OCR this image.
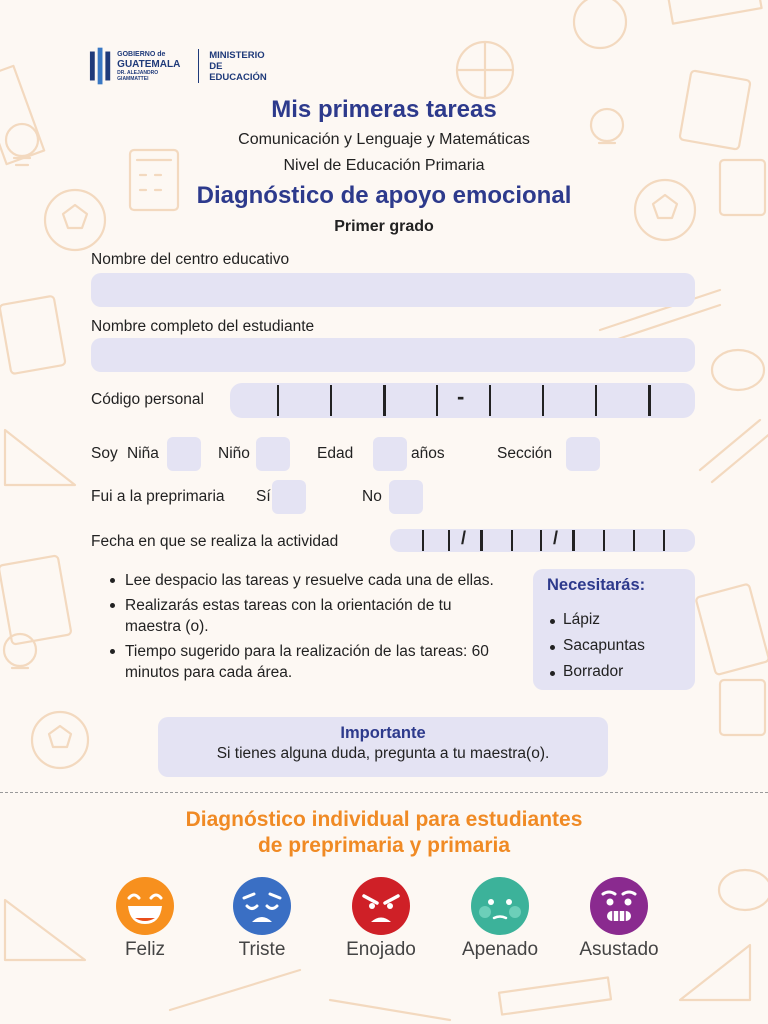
GOBIERNO de
GUATEMALA
DR. ALEJANDRO GIAMMATTEI
MINISTERIO DE
EDUCACIÓN
Mis primeras tareas
Comunicación y Lenguaje y Matemáticas
Nivel de Educación Primaria
Diagnóstico de apoyo emocional
Primer grado
Nombre del centro educativo
Nombre completo del estudiante
Código personal	-
Soy Niña	Niño	Edad	años	Sección
Fui a la preprimaria Sí	No
Fecha en que se realiza la actividad	/	/
Lee despacio las tareas y resuelve cada una de ellas.
Realizarás estas tareas con la orientación de tu maestra (o).
Tiempo sugerido para la realización de las tareas: 60 minutos para cada área.
Necesitarás:
Lápiz
Sacapuntas
Borrador
Importante
Si tienes alguna duda, pregunta a tu maestra(o).
Diagnóstico individual para estudiantes
de preprimaria y primaria
Feliz	Triste	Enojado	Apenado	Asustado
